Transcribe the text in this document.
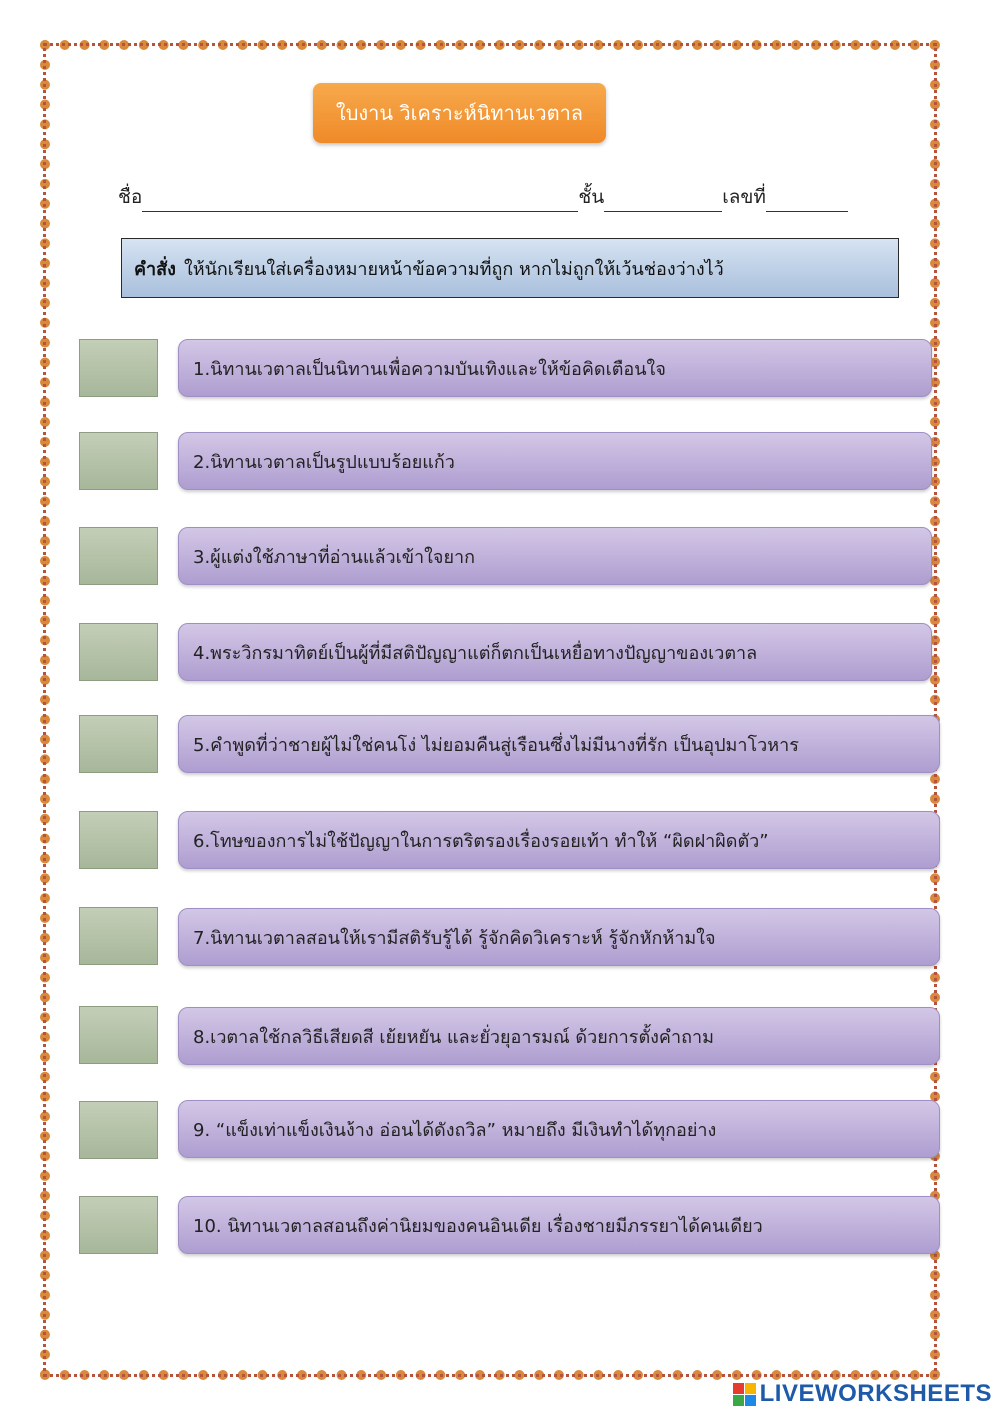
ใบงาน วิเคราะห์นิทานเวตาล
ชื่อ	ชั้น	เลขที่
คำสั่ง ให้นักเรียนใส่เครื่องหมายหน้าข้อความที่ถูก หากไม่ถูกให้เว้นช่องว่างไว้
1.นิทานเวตาลเป็นนิทานเพื่อความบันเทิงและให้ข้อคิดเตือนใจ
2.นิทานเวตาลเป็นรูปแบบร้อยแก้ว
3.ผู้แต่งใช้ภาษาที่อ่านแล้วเข้าใจยาก
4.พระวิกรมาทิตย์เป็นผู้ที่มีสติปัญญาแต่ก็ตกเป็นเหยื่อทางปัญญาของเวตาล
5.คำพูดที่ว่าชายผู้ไม่ใช่คนโง่ ไม่ยอมคืนสู่เรือนซึ่งไม่มีนางที่รัก เป็นอุปมาโวหาร
6.โทษของการไม่ใช้ปัญญาในการตริตรองเรื่องรอยเท้า ทำให้ “ผิดฝาผิดตัว”
7.นิทานเวตาลสอนให้เรามีสติรับรู้ได้ รู้จักคิดวิเคราะห์ รู้จักหักห้ามใจ
8.เวตาลใช้กลวิธีเสียดสี เย้ยหยัน และยั่วยุอารมณ์ ด้วยการตั้งคำถาม
9. “แข็งเท่าแข็งเงินง้าง อ่อนได้ดังถวิล” หมายถึง มีเงินทำได้ทุกอย่าง
10. นิทานเวตาลสอนถึงค่านิยมของคนอินเดีย เรื่องชายมีภรรยาได้คนเดียว
LIVEWORKSHEETS
